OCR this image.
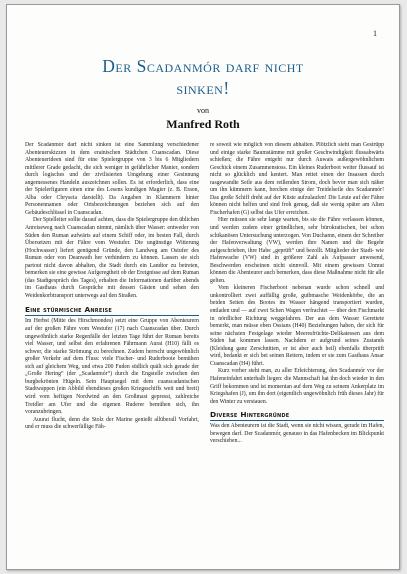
1
Der Scadanmór darf nicht
sinken!
von
Manfred Roth

Der Scadanmór darf nicht sinken ist eine Sammlung verschiedener Abenteuerskizzen in dem erainischen Städtchen Cuanscadan. Diese Abenteuerideen sind für eine Spielergruppe von 3 bis 6 Mitgliedern mittlerer Grade gedacht, die sich weniger in gefährlicher Manier, sondern durch logisches und der zivilisierten Umgebung einer Gesinnung angemessenes Handeln auszeichnen sollen. Es ist erforderlich, dass eine der Spielerfiguren einen eine des Lesens kundigen Magier (z. B. Eraon, Alba oder Chryseia darstellt). Da Angaben in Klammern hinter Personennamen oder Ortsbezeichnungen beziehen sich auf den Gebäudeschlüssel in Cuanscadan.

Der Spielleiter sollte darauf achten, dass die Spielergruppe den üblichen Anreiseweg nach Cuanscadan nimmt, nämlich über Wasser: entweder von Süden den Ruman aufwärts auf einem Schiff oder, im besten Fall, durch Übersetzen mit der Fähre vom Westufer. Die ungünstige Witterung (Hochwasser) liefert genügend Gründe, den Landweg am Ostufer des Ruman oder von Deanwath her verhindern zu können. Lassen sie sich partout nicht davon abhalten, die Stadt durch ein Landtor zu betreten, bemerken sie eine gewisse Aufgeregtheit ob der Ereignisse auf dem Ruman (das Stadtgespräch des Tages), erhalten die Informationen darüber abends im Gasthaus durch Gespräche mit dessen Gästen und sehen den Weidenkorbtransport unterwegs auf den Straßen.

Eine stürmische Anreise

Im Herbst (Mitte des Hirschmondes) setzt eine Gruppe von Abenteurern auf der großen Fähre vom Westufer (17) nach Cuanscadan über. Durch ungewöhnlich starke Regenfälle der letzten Tage führt der Ruman bereits viel Wasser, und selbst den erfahrenen Fährmann Aurai (H10) fällt es schwer, die starke Strömung zu berechnen. Zudem herrscht ungewöhnlich großer Verkehr auf dem Fluss: viele Fischer- und Ruderboote bemühen sich auf gleichem Weg, und etwa 200 Fuden südlich quält sich gerade der „Große Hering“ (der „Scadanmór“) durch die Engstelle zwischen den burgbekrönten Hügeln. Sein Hauptsegel mit dem cuanscadanischen Stadtwappen (ein Abbild ebendieses großen Kriegsschiffs weit und breit) wird vom heftigen Nordwind an den Großmast gepresst, zahlreiche Treidler am Ufer und die eigenen Ruderer bemühen sich, ihn voranzubringen.

Auurai flucht, denn die Stolz der Marine genießt allüberall Vorfahrt, und er muss die schwerfällige Fäh-

re soweit wie möglich von diesem abhalten. Plötzlich sieht man Gestrüpp und einige starke Baumstämme mit großer Geschwindigkeit flussabwärts schießen; die Fähre entgeht nur durch Auwais außergewöhnlichem Geschick einem Zusammenstoss. Ein kleines Ruderboot weiter flussauf ist nicht so glücklich und kentert. Man rettet einen der Insassen durch rasgewandte Seile aus dem reißenden Strom, doch bevor man sich näher um ihn kümmern kann, brechen einige der Treidelseile des Scadanmór! Das große Schiff dreht auf der Küste aufzulaufen! Die Leute auf der Fähre können nicht helfen und sind froh genug, daß sie wenig später am Alten Fischerhafen (G) selbst das Ufer erreichen.

Hier müssen sie sehr lange warten, bis sie die Fähre verlassen können, und werden zudem einer gründlichen, sehr bürokratischen, bei schon schikanösen Untersuchung unterzogen. Von Duchamn, einem der Schreiber der Hafenverwaltung (VW), werden ihre Namen und die Begehr aufgeschrieben, ihre Habe „geprüft“ und bezollt. Mitglieder der Stadt- wie Hafenwache (VW) sind in größerer Zahl als Aufpasser anwesend, Beschwerden erscheinen nicht sinnvoll. Mit einem gewissen Unmut können die Abenteurer auch bemerken, dass diese Maßnahme nicht für alle gelten.

Vom kleineren Fischerboot nebenan wurde schon schnell und unkontrolliert zwei auffällig große, gutbmasche Weidenkörbe, die an beiden Seiten des Bootes im Wasser hängend transportiert wurden, entladen und — auf zwei Schen Wagen verfrachtet — über den Fischmarkt in nördlicher Richtung weggefahren. Der aus dem Wasser Gerettete bemerkt, man müsse eben Ossians (H40) Beziehungen haben, der sich für seine nächsten Festgelage wieder Meeresfrüchte-Delikatessen aus dem Süden hat kommen lassen. Nachdem er aufgrund seines Zustands (Kleidung ganz Zerschnitten, er ist aber auch heil) ebenfalls überprüft wird, bedankt er sich bei seinen Rettern, indem er sie zum Gasthaus Ansar Cuanscadan (H4) führt.

Kurz vorher steht man, zu aller Erleichterung, den Scadanmór vor der Hafeneinfahrt unterhalb liegen: die Mannschaft hat ihn doch wieder in den Griff bekommen und ist momentan auf dem Weg zu seinem Ankerplatz im Kriegshafen (J), um ihn dort (eigentlich ungewöhnlich früh dieses Jahr) für den Winter zu verstauen.

Diverse Hintergründe

Was den Abenteurern ist die Stadt, wenn sie nicht wissen, gerade im Hafen, bewegen darf. Der Scadanmór, genauso in das Hafenbecken im Blickpunkt verschieben...
